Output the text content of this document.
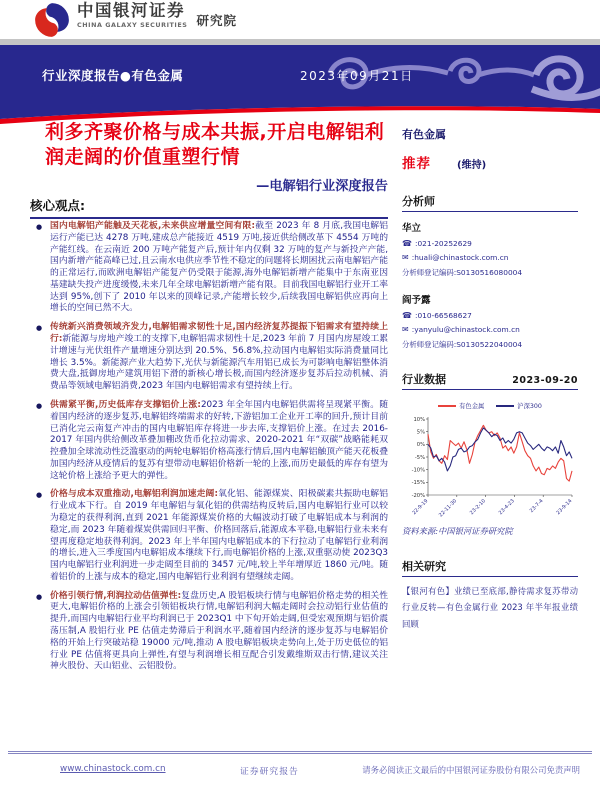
中国银河证券
CHINA GALAXY SECURITIES 研究院
行业深度报告●有色金属	2023年09月21日
利多齐聚价格与成本共振,开启电解铝利润走阔的价值重塑行情
—电解铝行业深度报告
核心观点:
● 国内电解铝产能触及天花板,未来供应增量空间有限:截至 2023 年 8 月底,我国电解铝运行产能已达 4278 万吨,建成总产能接近 4519 万吨,接近供给侧改革下 4554 万吨的产能红线。在云南近 200 万吨产能复产后,预计年内仅剩 32 万吨的复产与新投产产能,国内新增产能高峰已过,且云南水电供应季节性不稳定的问题将长期困扰云南电解铝产能的正常运行,而欧洲电解铝产能复产仍受限于能源,海外电解铝新增产能集中于东南亚因基建缺失投产进度缓慢,未来几年全球电解铝新增产能有限。目前我国电解铝行业开工率达到 95%,创下了 2010 年以来的顶峰记录,产能增长较少,后续我国电解铝供应再向上增长的空间已然不大。
● 传统新兴消费领域齐发力,电解铝需求韧性十足,国内经济复苏提振下铝需求有望持续上行:新能源与房地产竣工的支撑下,电解铝需求韧性十足,2023 年前 7 月国内房屋竣工累计增速与光伏组件产量增速分别达到 20.5%、56.8%,拉动国内电解铝实际消费量同比增长 3.5%。新能源产业大趋势下,光伏与新能源汽车用铝已成长为可影响电解铝整体消费大盘,抵御房地产建筑用铝下滑的新核心增长极,而国内经济逐步复苏后拉动机械、消费品等领域电解铝消费,2023 年国内电解铝需求有望持续上行。
● 供需紧平衡,历史低库存支撑铝价上涨:2023 年全年国内电解铝供需将呈现紧平衡。随着国内经济的逐步复苏,电解铝终端需求的好转,下游铝加工企业开工率的回升,预计目前已消化完云南复产冲击的国内电解铝库存将进一步去库,支撑铝价上涨。在过去 2016-2017 年国内供给侧改革叠加棚改货币化拉动需求、2020-2021 年“双碳”战略能耗双控叠加全球流动性泛滥驱动的两轮电解铝价格高涨行情后,国内电解铝触顶产能天花板叠加国内经济从疫情后的复苏有望带动电解铝价格新一轮的上涨,而历史最低的库存有望为这轮价格上涨给予更大的弹性。
● 价格与成本双重推动,电解铝利润加速走阔:氧化铝、能源煤炭、阳极碳素共振助电解铝行业成本下行。自 2019 年电解铝与氧化铝的供需结构反转后,国内电解铝行业可以较为稳定的获得利润,直到 2021 年能源煤炭价格的大幅波动打破了电解铝成本与利润的稳定,而 2023 年随着煤炭供需回归平衡、价格回落后,能源成本平稳,电解铝行业未来有望再度稳定地获得利润。2023 年上半年国内电解铝成本的下行拉动了电解铝行业利润的增长,进入三季度国内电解铝成本继续下行,而电解铝价格的上涨,双重驱动使 2023Q3 国内电解铝行业利润进一步走阔至目前的 3457 元/吨,较上半年增厚近 1860 元/吨。随着铝价的上涨与成本的稳定,国内电解铝行业利润有望继续走阔。
● 价格引领行情,利润拉动估值弹性:复盘历史,A 股铝板块行情与电解铝价格走势的相关性更大,电解铝价格的上涨会引领铝板块行情,电解铝利润大幅走阔时会拉动铝行业估值的提升,而国内电解铝行业平均利润已于 2023Q1 中下旬开始走阔,但受宏观预期与铝价震荡压制,A 股铝行业 PE 估值走势滞后于利润水平,随着国内经济的逐步复苏与电解铝价格的开始上行突破站稳 19000 元/吨,推动 A 股电解铝板块走势向上,处于历史低位的铝行业 PE 估值将更具向上弹性,有望与利润增长相互配合引发戴维斯双击行情,建议关注神火股份、天山铝业、云铝股份。
有色金属
推荐	(维持)
分析师
华立
☎ :021-20252629
✉ :huali@chinastock.com.cn
分析师登记编码:S0130516080004
阎予露
☎ :010-66568627
✉ :yanyulu@chinastock.com.cn
分析师登记编码:S0130522040004
行业数据	2023-09-20
有色金属	沪深300
10%
5%
0%
-5%
-10%
-15%
-20%
22-9-19 22-11-30 23-2-10 23-4-23	23-7-4 23-9-14
资料来源:中国银河证券研究院
相关研究
【银河有色】业绩已至底部,静待需求复苏带动行业反转—有色金属行业 2023 年半年报业绩回顾
www.chinastock.com.cn	证券研究报告	请务必阅读正文最后的中国银河证券股份有限公司免责声明
